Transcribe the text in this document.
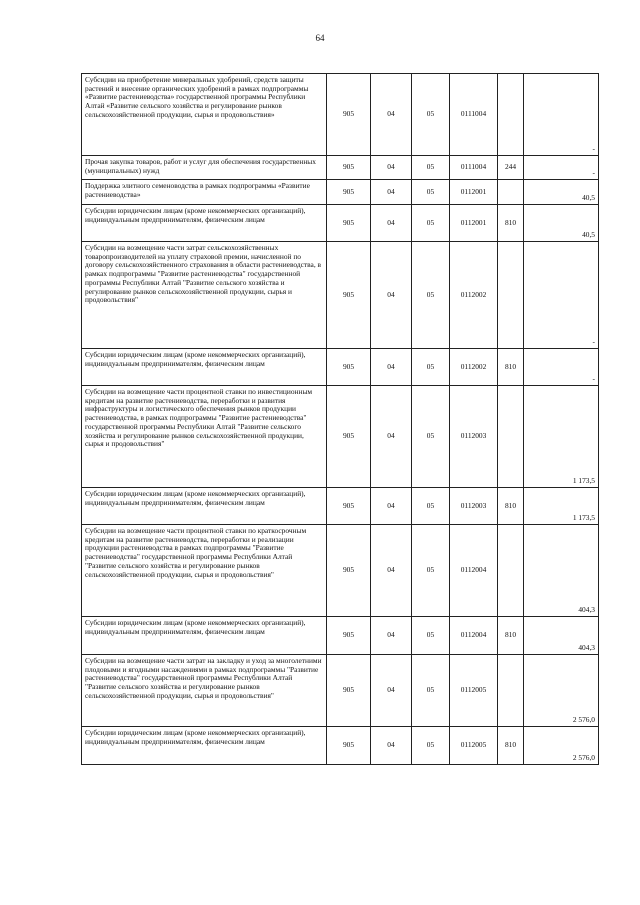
64
Субсидии на приобретение минеральных удобрений, средств защиты растений и внесение органических удобрений в рамках подпрограммы «Развитие растениеводства» государственной программы Республики Алтай «Развитие сельского хозяйства и регулирование рынков сельскохозяйственной продукции, сырья и продовольствия»	905	04	05	0111004		-
Прочая закупка товаров, работ и услуг для обеспечения государственных (муниципальных) нужд	905	04	05	0111004	244	-
Поддержка элитного семеноводства в рамках подпрограммы «Развитие растениеводства»	905	04	05	0112001		40,5
Субсидии юридическим лицам (кроме некоммерческих организаций), индивидуальным предпринимателям, физическим лицам	905	04	05	0112001	810	40,5
Субсидии на возмещение части затрат сельскохозяйственных товаропроизводителей на уплату страховой премии, начисленной по договору сельскохозяйственного страхования в области растениеводства, в рамках подпрограммы "Развитие растениеводства" государственной программы Республики Алтай "Развитие сельского хозяйства и регулирование рынков сельскохозяйственной продукции, сырья и продовольствия"	905	04	05	0112002		-
Субсидии юридическим лицам (кроме некоммерческих организаций), индивидуальным предпринимателям, физическим лицам	905	04	05	0112002	810	-
Субсидии на возмещение части процентной ставки по инвестиционным кредитам на развитие растениеводства, переработки и развития инфраструктуры и логистического обеспечения рынков продукции растениеводства, в рамках подпрограммы "Развитие растениеводства" государственной программы Республики Алтай "Развитие сельского хозяйства и регулирование рынков сельскохозяйственной продукции, сырья и продовольствия"	905	04	05	0112003		1 173,5
Субсидии юридическим лицам (кроме некоммерческих организаций), индивидуальным предпринимателям, физическим лицам	905	04	05	0112003	810	1 173,5
Субсидии на возмещение части процентной ставки по краткосрочным кредитам на развитие растениеводства, переработки и реализации продукции растениеводства в рамках подпрограммы "Развитие растениеводства" государственной программы Республики Алтай "Развитие сельского хозяйства и регулирование рынков сельскохозяйственной продукции, сырья и продовольствия"	905	04	05	0112004		404,3
Субсидии юридическим лицам (кроме некоммерческих организаций), индивидуальным предпринимателям, физическим лицам	905	04	05	0112004	810	404,3
Субсидии на возмещение части затрат на закладку и уход за многолетними плодовыми и ягодными насаждениями в рамках подпрограммы "Развитие растениеводства" государственной программы Республики Алтай "Развитие сельского хозяйства и регулирование рынков сельскохозяйственной продукции, сырья и продовольствия"	905	04	05	0112005		2 576,0
Субсидии юридическим лицам (кроме некоммерческих организаций), индивидуальным предпринимателям, физическим лицам	905	04	05	0112005	810	2 576,0
